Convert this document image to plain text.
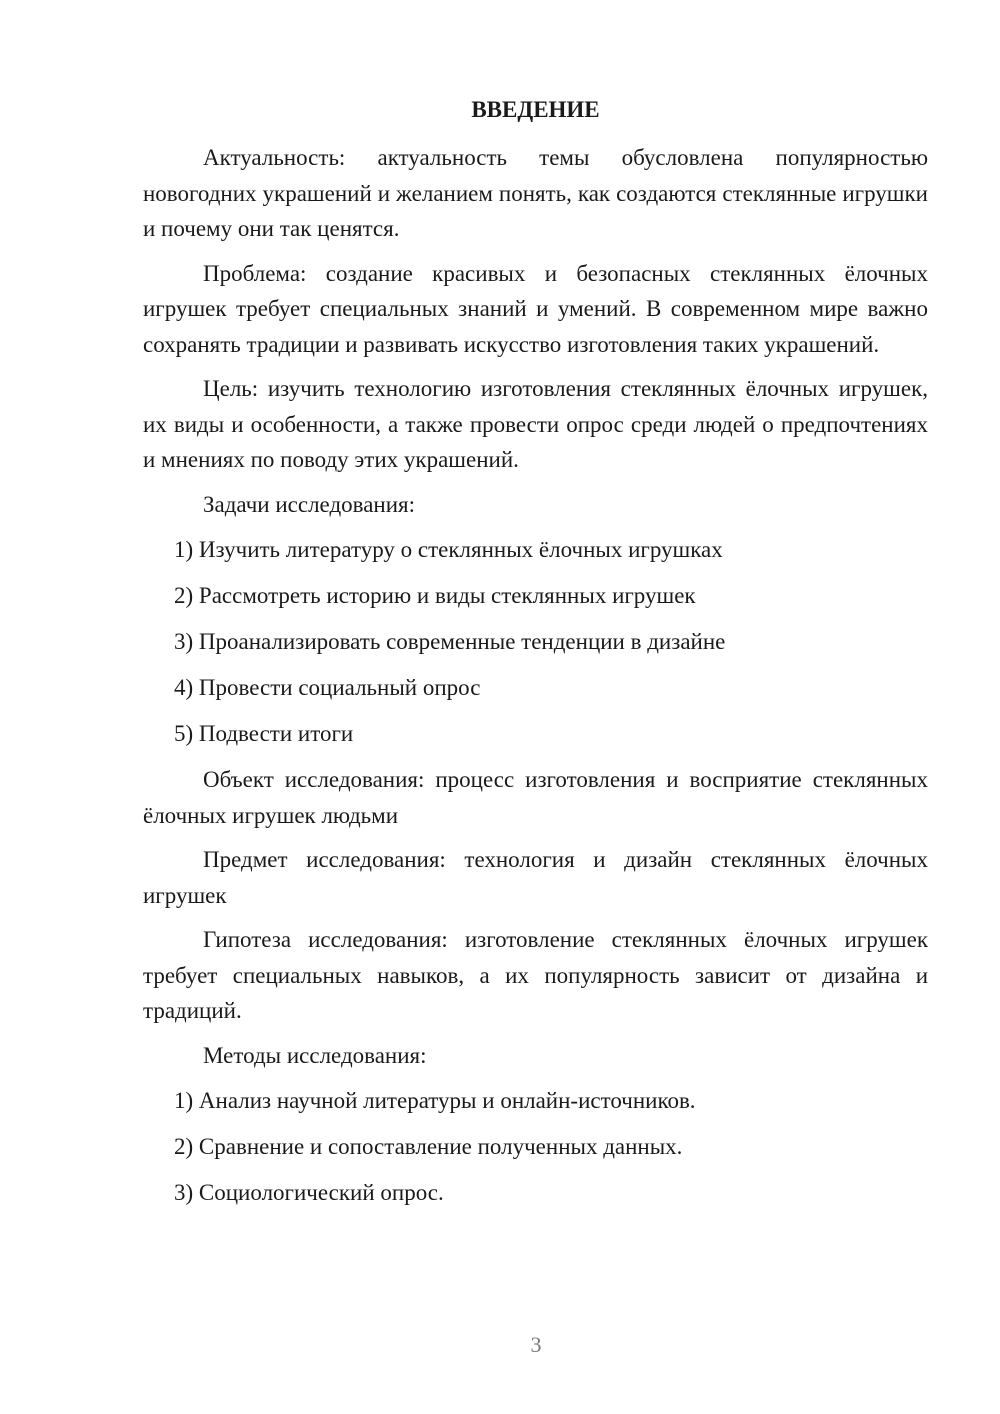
ВВЕДЕНИЕ

Актуальность: актуальность темы обусловлена популярностью новогодних украшений и желанием понять, как создаются стеклянные игрушки и почему они так ценятся.

Проблема: создание красивых и безопасных стеклянных ёлочных игрушек требует специальных знаний и умений. В современном мире важно сохранять традиции и развивать искусство изготовления таких украшений.

Цель: изучить технологию изготовления стеклянных ёлочных игрушек, их виды и особенности, а также провести опрос среди людей о предпочтениях и мнениях по поводу этих украшений.

Задачи исследования:

1) Изучить литературу о стеклянных ёлочных игрушках
2) Рассмотреть историю и виды стеклянных игрушек
3) Проанализировать современные тенденции в дизайне
4) Провести социальный опрос
5) Подвести итоги

Объект исследования: процесс изготовления и восприятие стеклянных ёлочных игрушек людьми

Предмет исследования: технология и дизайн стеклянных ёлочных игрушек

Гипотеза исследования: изготовление стеклянных ёлочных игрушек требует специальных навыков, а их популярность зависит от дизайна и традиций.

Методы исследования:

1) Анализ научной литературы и онлайн-источников.
2) Сравнение и сопоставление полученных данных.
3) Социологический опрос.
3
